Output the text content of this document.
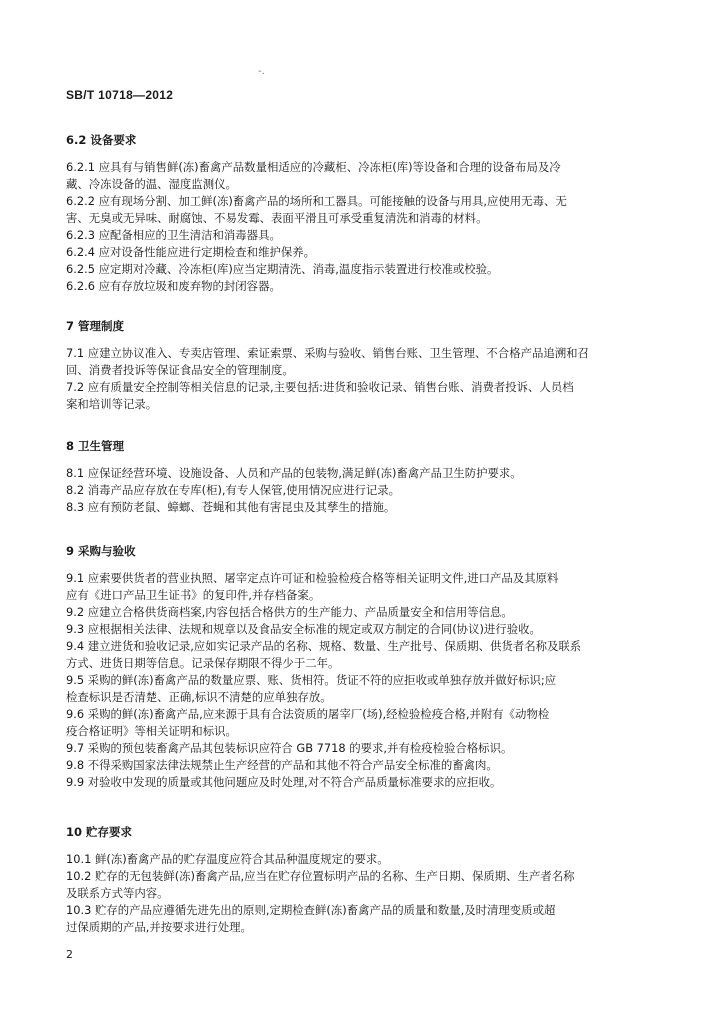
-.
SB/T 10718—2012
6.2 设备要求
6.2.1 应具有与销售鲜(冻)畜禽产品数量相适应的冷藏柜、冷冻柜(库)等设备和合理的设备布局及冷
藏、冷冻设备的温、湿度监测仪。
6.2.2 应有现场分割、加工鲜(冻)畜禽产品的场所和工器具。可能接触的设备与用具,应使用无毒、无
害、无臭或无异味、耐腐蚀、不易发霉、表面平滑且可承受重复清洗和消毒的材料。
6.2.3 应配备相应的卫生清洁和消毒器具。
6.2.4 应对设备性能应进行定期检查和维护保养。
6.2.5 应定期对冷藏、冷冻柜(库)应当定期清洗、消毒,温度指示装置进行校准或校验。
6.2.6 应有存放垃圾和废弃物的封闭容器。
7 管理制度
7.1 应建立协议准入、专卖店管理、索证索票、采购与验收、销售台账、卫生管理、不合格产品追溯和召
回、消费者投诉等保证食品安全的管理制度。
7.2 应有质量安全控制等相关信息的记录,主要包括:进货和验收记录、销售台账、消费者投诉、人员档
案和培训等记录。
8 卫生管理
8.1 应保证经营环境、设施设备、人员和产品的包装物,满足鲜(冻)畜禽产品卫生防护要求。
8.2 消毒产品应存放在专库(柜),有专人保管,使用情况应进行记录。
8.3 应有预防老鼠、蟑螂、苍蝇和其他有害昆虫及其孳生的措施。
9 采购与验收
9.1 应索要供货者的营业执照、屠宰定点许可证和检验检疫合格等相关证明文件,进口产品及其原料
应有《进口产品卫生证书》的复印件,并存档备案。
9.2 应建立合格供货商档案,内容包括合格供方的生产能力、产品质量安全和信用等信息。
9.3 应根据相关法律、法规和规章以及食品安全标准的规定或双方制定的合同(协议)进行验收。
9.4 建立进货和验收记录,应如实记录产品的名称、规格、数量、生产批号、保质期、供货者名称及联系
方式、进货日期等信息。记录保存期限不得少于二年。
9.5 采购的鲜(冻)畜禽产品的数量应票、账、货相符。货证不符的应拒收或单独存放并做好标识;应
检查标识是否清楚、正确,标识不清楚的应单独存放。
9.6 采购的鲜(冻)畜禽产品,应来源于具有合法资质的屠宰厂(场),经检验检疫合格,并附有《动物检
疫合格证明》等相关证明和标识。
9.7 采购的预包装畜禽产品其包装标识应符合 GB 7718 的要求,并有检疫检验合格标识。
9.8 不得采购国家法律法规禁止生产经营的产品和其他不符合产品安全标准的畜禽肉。
9.9 对验收中发现的质量或其他问题应及时处理,对不符合产品质量标准要求的应拒收。
10 贮存要求
10.1 鲜(冻)畜禽产品的贮存温度应符合其品种温度规定的要求。
10.2 贮存的无包装鲜(冻)畜禽产品,应当在贮存位置标明产品的名称、生产日期、保质期、生产者名称
及联系方式等内容。
10.3 贮存的产品应遵循先进先出的原则,定期检查鲜(冻)畜禽产品的质量和数量,及时清理变质或超
过保质期的产品,并按要求进行处理。
2
